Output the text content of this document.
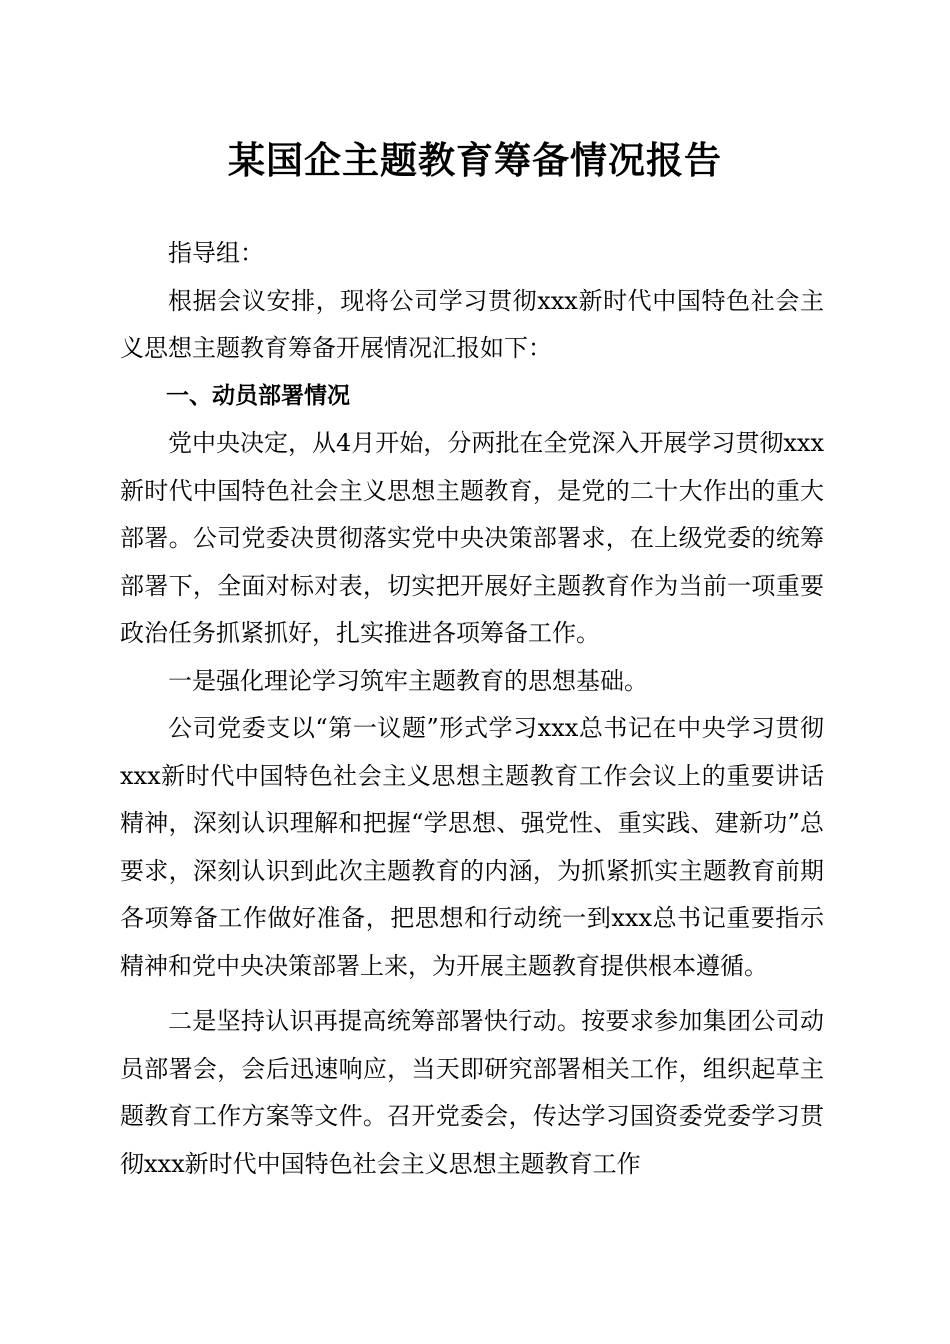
某国企主题教育筹备情况报告

指导组：

根据会议安排，现将公司学习贯彻xxx新时代中国特色社会主义思想主题教育筹备开展情况汇报如下：

一、动员部署情况

党中央决定，从4月开始，分两批在全党深入开展学习贯彻xxx新时代中国特色社会主义思想主题教育，是党的二十大作出的重大部署。公司党委决贯彻落实党中央决策部署求，在上级党委的统筹部署下，全面对标对表，切实把开展好主题教育作为当前一项重要政治任务抓紧抓好，扎实推进各项筹备工作。

一是强化理论学习筑牢主题教育的思想基础。

公司党委支以“第一议题”形式学习xxx总书记在中央学习贯彻xxx新时代中国特色社会主义思想主题教育工作会议上的重要讲话精神，深刻认识理解和把握“学思想、强党性、重实践、建新功”总要求，深刻认识到此次主题教育的内涵，为抓紧抓实主题教育前期各项筹备工作做好准备，把思想和行动统一到xxx总书记重要指示精神和党中央决策部署上来，为开展主题教育提供根本遵循。

二是坚持认识再提高统筹部署快行动。按要求参加集团公司动员部署会，会后迅速响应，当天即研究部署相关工作，组织起草主题教育工作方案等文件。召开党委会，传达学习国资委党委学习贯彻xxx新时代中国特色社会主义思想主题教育工作
